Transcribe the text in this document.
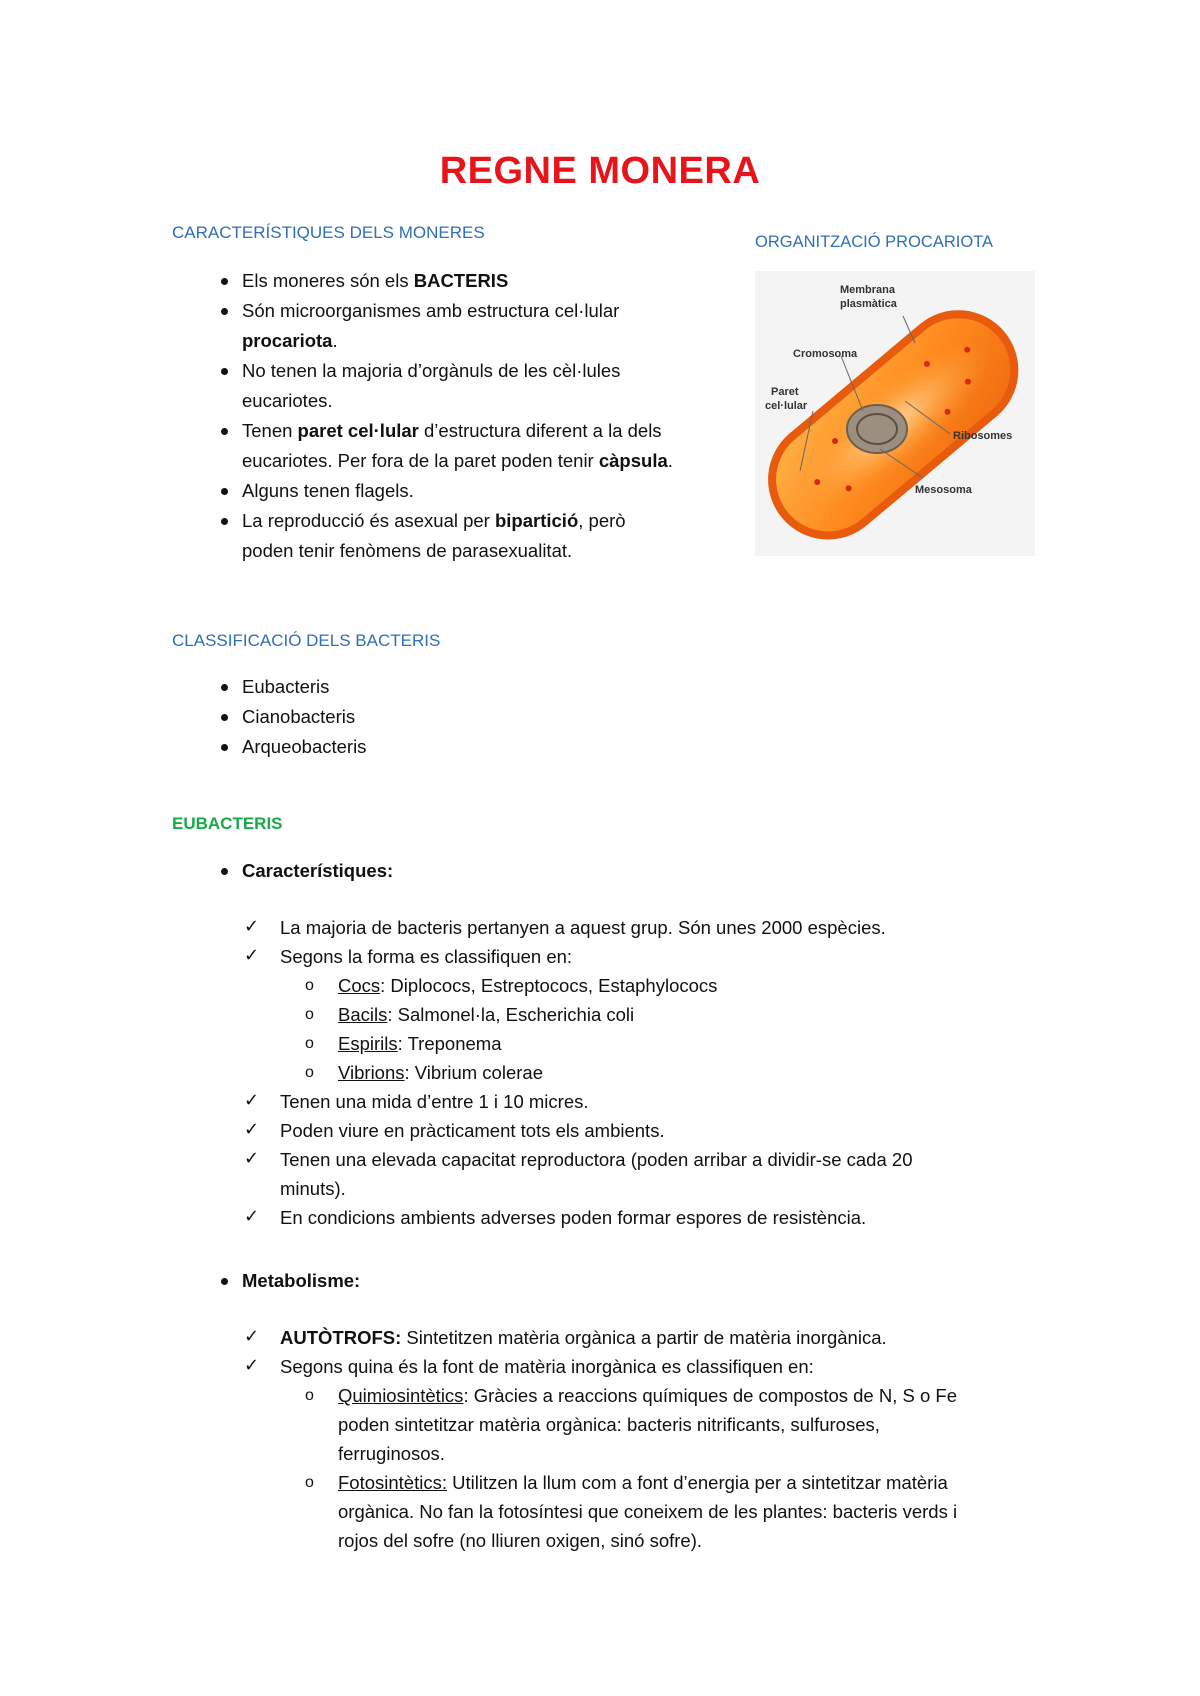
REGNE MONERA
CARACTERÍSTIQUES DELS MONERES
Els moneres són els BACTERIS
Són microorganismes amb estructura cel·lular
procariota.
No tenen la majoria d’orgànuls de les cèl·lules
eucariotes.
Tenen paret cel·lular d’estructura diferent a la dels
eucariotes. Per fora de la paret poden tenir càpsula.
Alguns tenen flagels.
La reproducció és asexual per bipartició, però
poden tenir fenòmens de parasexualitat.
ORGANITZACIÓ PROCARIOTA
Membrana
plasmàtica
Cromosoma
Paret
cel·lular
Ribosomes
Mesosoma
CLASSIFICACIÓ DELS BACTERIS
Eubacteris
Cianobacteris
Arqueobacteris
EUBACTERIS
Característiques:
✓ La majoria de bacteris pertanyen a aquest grup. Són unes 2000 espècies.
✓ Segons la forma es classifiquen en:
o Cocs: Diplococs, Estreptococs, Estaphylococs
o Bacils: Salmonel·la, Escherichia coli
o Espirils: Treponema
o Vibrions: Vibrium colerae
✓ Tenen una mida d’entre 1 i 10 micres.
✓ Poden viure en pràcticament tots els ambients.
✓ Tenen una elevada capacitat reproductora (poden arribar a dividir-se cada 20
minuts).
✓ En condicions ambients adverses poden formar espores de resistència.
Metabolisme:
✓ AUTÒTROFS: Sintetitzen matèria orgànica a partir de matèria inorgànica.
✓ Segons quina és la font de matèria inorgànica es classifiquen en:
o Quimiosintètics: Gràcies a reaccions químiques de compostos de N, S o Fe
poden sintetitzar matèria orgànica: bacteris nitrificants, sulfuroses,
ferruginosos.
o Fotosintètics: Utilitzen la llum com a font d’energia per a sintetitzar matèria
orgànica. No fan la fotosíntesi que coneixem de les plantes: bacteris verds i
rojos del sofre (no lliuren oxigen, sinó sofre).
